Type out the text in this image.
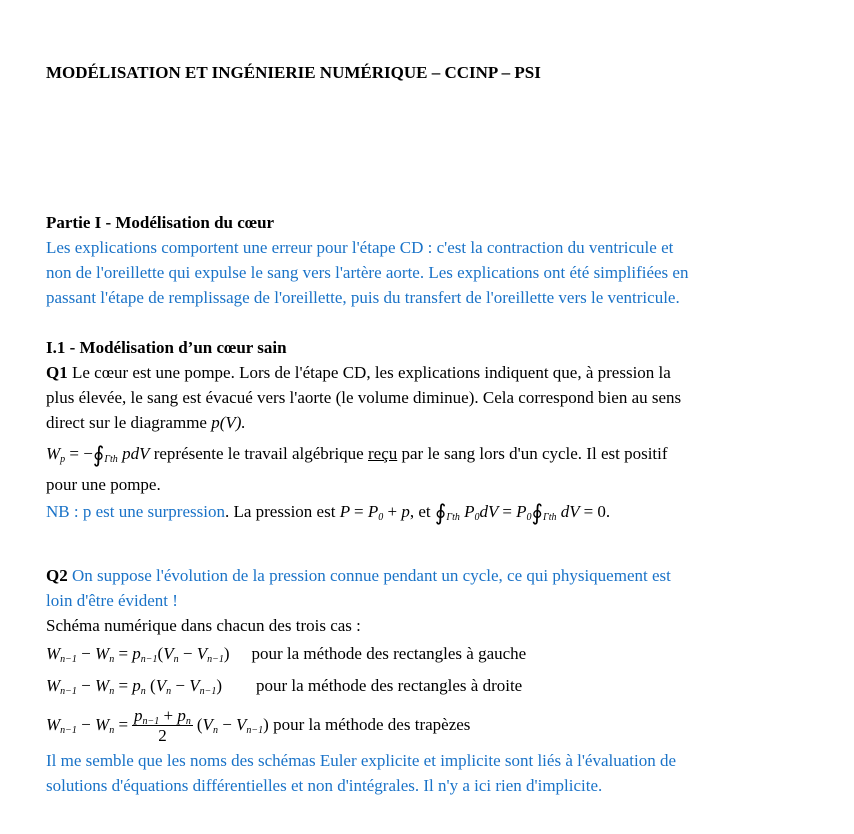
MODÉLISATION ET INGÉNIERIE NUMÉRIQUE – CCINP – PSI
Partie I - Modélisation du cœur
Les explications comportent une erreur pour l'étape CD : c'est la contraction du ventricule et
non de l'oreillette qui expulse le sang vers l'artère aorte. Les explications ont été simplifiées en
passant l'étape de remplissage de l'oreillette, puis du transfert de l'oreillette vers le ventricule.
I.1 - Modélisation d’un cœur sain
Q1 Le cœur est une pompe. Lors de l'étape CD, les explications indiquent que, à pression la
plus élevée, le sang est évacué vers l'aorte (le volume diminue). Cela correspond bien au sens
direct sur le diagramme p(V).
$W_p$ = $-∮_{\Gamma th}$ pdV représente le travail algébrique reçu par le sang lors d'un cycle. Il est positif
pour une pompe.
NB : p est une surpression. La pression est $P = P_0 + p$, et $∮_{\Gamma th}$ $P_0dV$ = $P_0∮_{\Gamma th}$ dV = 0.
Q2 On suppose l'évolution de la pression connue pendant un cycle, ce qui physiquement est
loin d'être évident !
Schéma numérique dans chacun des trois cas :
$W_{n-1} - W_n = p_{n-1}(V_n - V_{n-1})$ pour la méthode des rectangles à gauche
$W_{n-1} - W_n = p_n$ $(V_n - V_{n-1})$ pour la méthode des rectangles à droite
$W_{n-1} - W_n = \frac{p_{n-1} + p_n}{2} (V_n - V_{n-1})$ pour la méthode des trapèzes
Il me semble que les noms des schémas Euler explicite et implicite sont liés à l'évaluation de
solutions d'équations différentielles et non d'intégrales. Il n'y a ici rien d'implicite.
